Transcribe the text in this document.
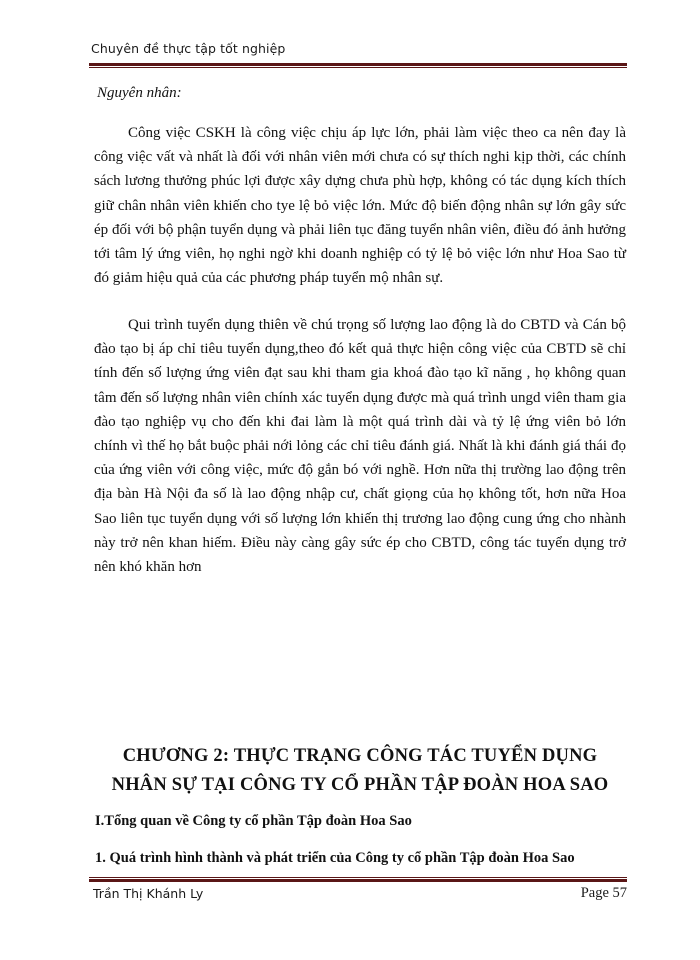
Chuyên đề thực tập tốt nghiệp
Nguyên nhân:

Công việc CSKH là công việc chịu áp lực lớn, phải làm việc theo ca nên đay là công việc vất và nhất là đối với nhân viên mới chưa có sự thích nghi kịp thời, các chính sách lương thưởng phúc lợi được xây dựng chưa phù hợp, không có tác dụng kích thích giữ chân nhân viên khiến cho tye lệ bỏ việc lớn. Mức độ biến động nhân sự lớn gây sức ép đối với bộ phận tuyển dụng và phải liên tục đăng tuyển nhân viên, điều đó ảnh hưởng tới tâm lý ứng viên, họ nghi ngờ khi doanh nghiệp có tỷ lệ bỏ việc lớn như Hoa Sao từ đó giảm hiệu quả của các phương pháp tuyển mộ nhân sự.

Qui trình tuyển dụng thiên về chú trọng số lượng lao động là do CBTD và Cán bộ đào tạo bị áp chỉ tiêu tuyển dụng,theo đó kết quả thực hiện công việc của CBTD sẽ chỉ tính đến số lượng ứng viên đạt sau khi tham gia khoá đào tạo kĩ năng , họ không quan tâm đến số lượng nhân viên chính xác tuyển dụng được mà quá trình ungd viên tham gia đào tạo nghiệp vụ cho đến khi đai làm là một quá trình dài và tỷ lệ ứng viên bỏ lớn chính vì thế họ bắt buộc phải nới lỏng các chỉ tiêu đánh giá. Nhất là khi đánh giá thái đọ của ứng viên với công việc, mức độ gắn bó với nghề. Hơn nữa thị trường lao động trên địa bàn Hà Nội đa số là lao động nhập cư, chất giọng của họ không tốt, hơn nữa Hoa Sao liên tục tuyển dụng với số lượng lớn khiến thị trương lao động cung ứng cho nhành này trở nên khan hiếm. Điều này càng gây sức ép cho CBTD, công tác tuyển dụng trở nên khó khăn hơn

CHƯƠNG 2: THỰC TRẠNG CÔNG TÁC TUYỂN DỤNG
NHÂN SỰ TẠI CÔNG TY CỔ PHẦN TẬP ĐOÀN HOA SAO
I.Tổng quan về Công ty cổ phần Tập đoàn Hoa Sao
1. Quá trình hình thành và phát triển của Công ty cổ phần Tập đoàn Hoa Sao
Trần Thị Khánh Ly	Page 57
